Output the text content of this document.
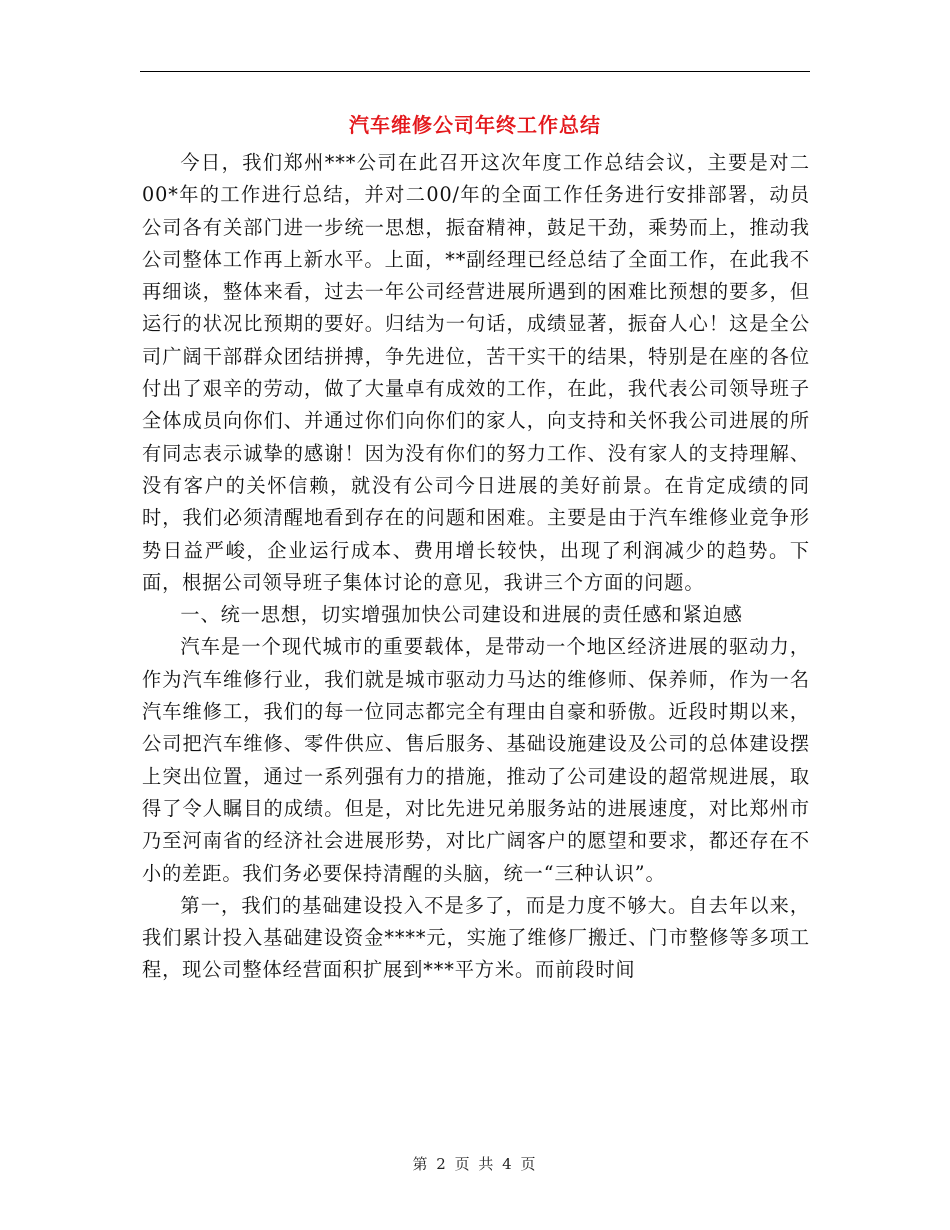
汽车维修公司年终工作总结

今日，我们郑州***公司在此召开这次年度工作总结会议，主要是对二00*年的工作进行总结，并对二00/年的全面工作任务进行安排部署，动员公司各有关部门进一步统一思想，振奋精神，鼓足干劲，乘势而上，推动我公司整体工作再上新水平。上面，**副经理已经总结了全面工作，在此我不再细谈，整体来看，过去一年公司经营进展所遇到的困难比预想的要多，但运行的状况比预期的要好。归结为一句话，成绩显著，振奋人心！这是全公司广阔干部群众团结拼搏，争先进位，苦干实干的结果，特别是在座的各位付出了艰辛的劳动，做了大量卓有成效的工作，在此，我代表公司领导班子全体成员向你们、并通过你们向你们的家人，向支持和关怀我公司进展的所有同志表示诚挚的感谢！因为没有你们的努力工作、没有家人的支持理解、没有客户的关怀信赖，就没有公司今日进展的美好前景。在肯定成绩的同时，我们必须清醒地看到存在的问题和困难。主要是由于汽车维修业竞争形势日益严峻，企业运行成本、费用增长较快，出现了利润减少的趋势。下面，根据公司领导班子集体讨论的意见，我讲三个方面的问题。

一、统一思想，切实增强加快公司建设和进展的责任感和紧迫感

汽车是一个现代城市的重要载体，是带动一个地区经济进展的驱动力，作为汽车维修行业，我们就是城市驱动力马达的维修师、保养师，作为一名汽车维修工，我们的每一位同志都完全有理由自豪和骄傲。近段时期以来，公司把汽车维修、零件供应、售后服务、基础设施建设及公司的总体建设摆上突出位置，通过一系列强有力的措施，推动了公司建设的超常规进展，取得了令人瞩目的成绩。但是，对比先进兄弟服务站的进展速度，对比郑州市乃至河南省的经济社会进展形势，对比广阔客户的愿望和要求，都还存在不小的差距。我们务必要保持清醒的头脑，统一“三种认识”。

第一，我们的基础建设投入不是多了，而是力度不够大。自去年以来，我们累计投入基础建设资金****元，实施了维修厂搬迁、门市整修等多项工程，现公司整体经营面积扩展到***平方米。而前段时间

第 2 页 共 4 页
